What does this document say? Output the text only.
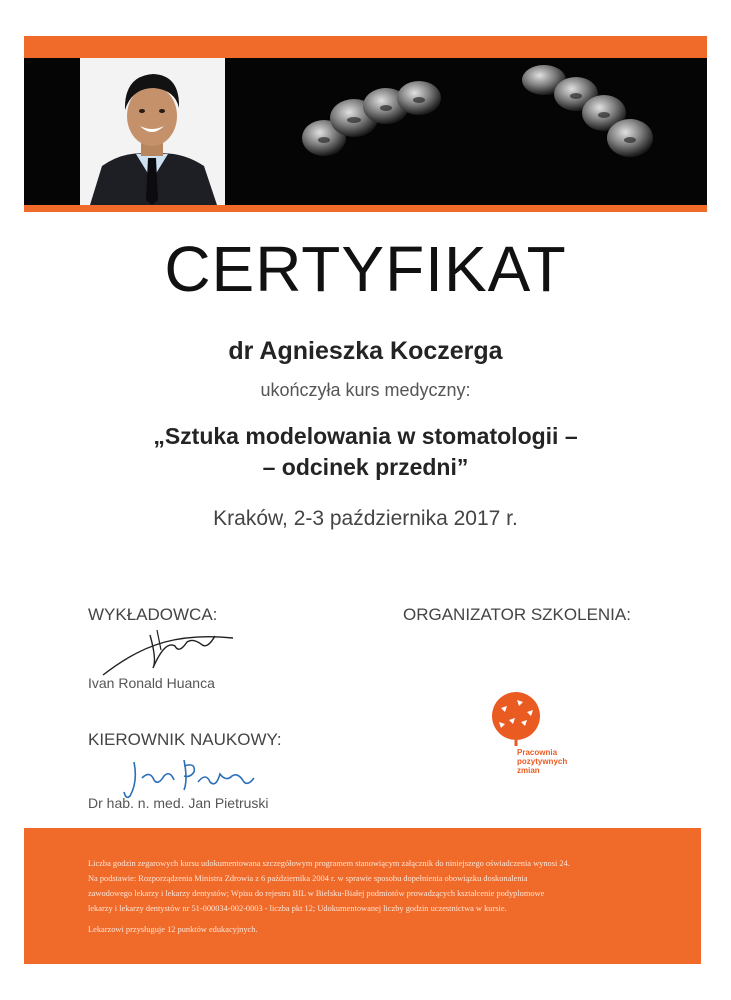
CERTYFIKAT
dr Agnieszka Koczerga
ukończyła kurs medyczny:
„Sztuka modelowania w stomatologii –
– odcinek przedni”
Kraków, 2-3 października 2017 r.
WYKŁADOWCA:	ORGANIZATOR SZKOLENIA:
Ivan Ronald Huanca
KIEROWNIK NAUKOWY:
Dr hab. n. med. Jan Pietruski
Pracownia
pozytywnych
zmian

Liczba godzin zegarowych kursu udokumentowana szczegółowym programem stanowiącym załącznik do niniejszego oświadczenia wynosi 24.

Na podstawie: Rozporządzenia Ministra Zdrowia z 6 października 2004 r. w sprawie sposobu dopełnienia obowiązku doskonalenia

zawodowego lekarzy i lekarzy dentystów; Wpisu do rejestru BIL w Bielsku-Białej podmiotów prowadzących kształcenie podyplomowe

lekarzy i lekarzy dentystów nr 51-000034-002-0003 - liczba pkt 12; Udokumentowanej liczby godzin uczestnictwa w kursie.

Lekarzowi przysługuje 12 punktów edukacyjnych.
